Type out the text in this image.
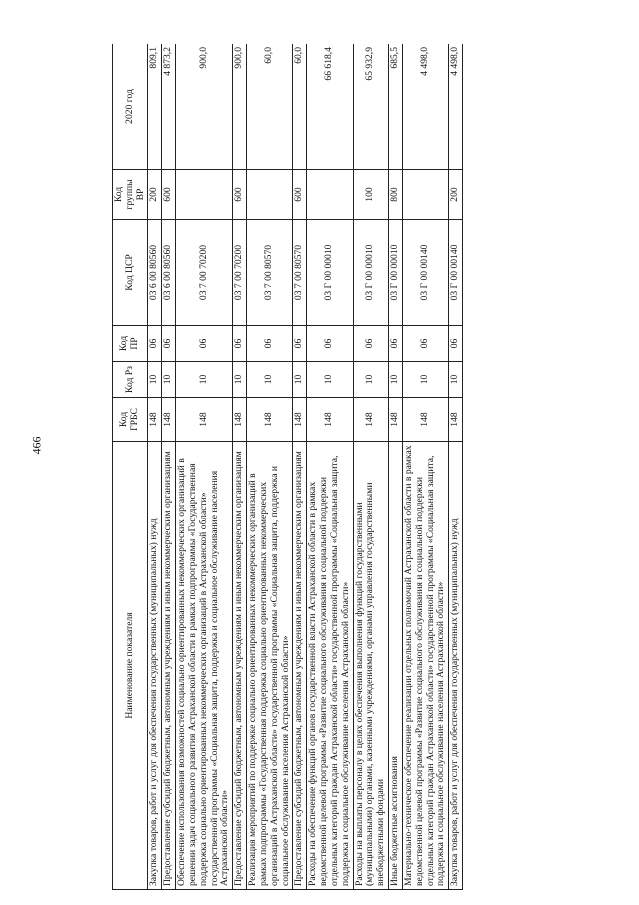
466
Наименование показателя	Код ГРБС	Код Рз	Код ПР	Код ЦСР	Код группы ВР	2020 год
Закупка товаров, работ и услуг для обеспечения государственных (муниципальных) нужд	148	10	06	03 6 00 80560	200	809,1
Предоставление субсидий бюджетным, автономным учреждениям и иным некоммерческим организациям	148	10	06	03 6 00 80560	600	4 873,2
Обеспечение использования возможностей социально ориентированных некоммерческих организаций в решении задач социального развития Астраханской области в рамках подпрограммы «Государственная поддержка социально ориентированных некоммерческих организаций в Астраханской области» государственной программы «Социальная защита, поддержка и социальное обслуживание населения Астраханской области»	148	10	06	03 7 00 70200		900,0
Предоставление субсидий бюджетным, автономным учреждениям и иным некоммерческим организациям	148	10	06	03 7 00 70200	600	900,0
Реализация мероприятий по поддержке социально ориентированных некоммерческих организаций в рамках подпрограммы «Государственная поддержка социально ориентированных некоммерческих организаций в Астраханской области» государственной программы «Социальная защита, поддержка и социальное обслуживание населения Астраханской области»	148	10	06	03 7 00 80570		60,0
Предоставление субсидий бюджетным, автономным учреждениям и иным некоммерческим организациям	148	10	06	03 7 00 80570	600	60,0
Расходы на обеспечение функций органов государственной власти Астраханской области в рамках ведомственной целевой программы «Развитие социального обслуживания и социальной поддержки отдельных категорий граждан Астраханской области» государственной программы «Социальная защита, поддержка и социальное обслуживание населения Астраханской области»	148	10	06	03 Г 00 00010		66 618,4
Расходы на выплаты персоналу в целях обеспечения выполнения функций государственными (муниципальными) органами, казенными учреждениями, органами управления государственными внебюджетными фондами	148	10	06	03 Г 00 00010	100	65 932,9
Иные бюджетные ассигнования	148	10	06	03 Г 00 00010	800	685,5
Материально-техническое обеспечение реализации отдельных полномочий Астраханской области в рамках ведомственной целевой программы «Развитие социального обслуживания и социальной поддержки отдельных категорий граждан Астраханской области» государственной программы «Социальная защита, поддержка и социальное обслуживание населения Астраханской области»	148	10	06	03 Г 00 00140		4 498,0
Закупка товаров, работ и услуг для обеспечения государственных (муниципальных) нужд	148	10	06	03 Г 00 00140	200	4 498,0
